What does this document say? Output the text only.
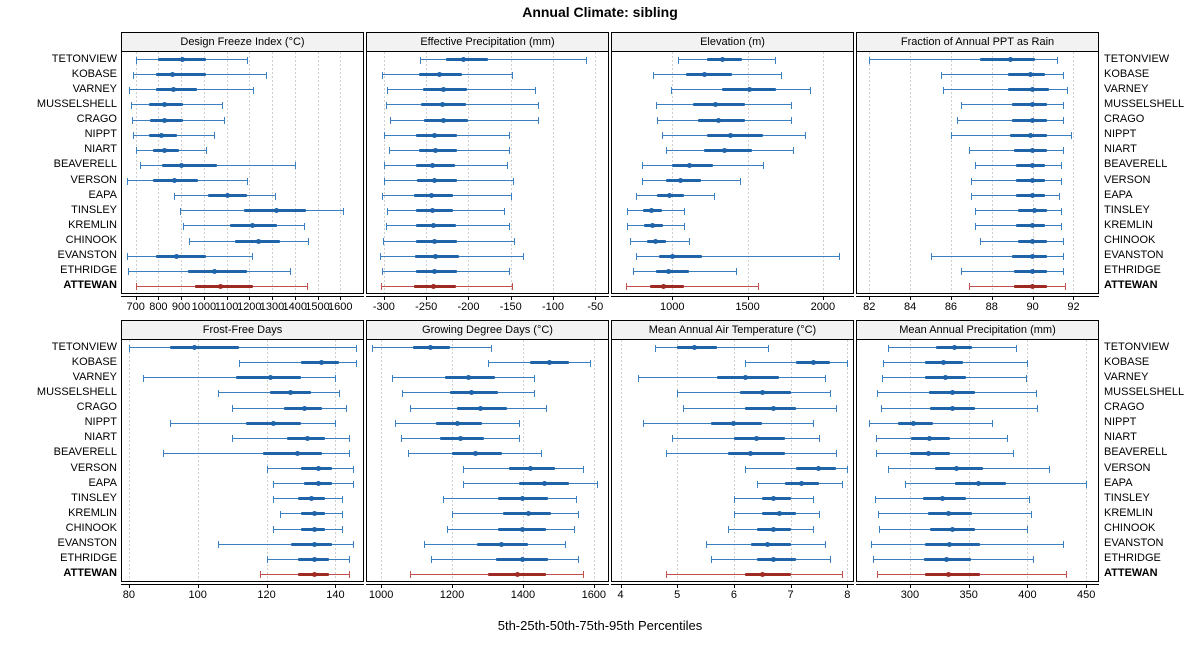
Annual Climate: sibling
5th-25th-50th-75th-95th Percentiles
Design Freeze Index (°C)
700 800 900 1000
1100
1200
1300
1400
1500
1600
Effective Precipitation (mm)
-300 -250 -200 -150 -100 -50
Elevation (m)
1000	1500	2000
Fraction of Annual PPT as Rain
82	84	86	88	90	92
Frost-Free Days
80	100	120	140
Growing Degree Days (°C)
1000	1200	1400	1600
Mean Annual Air Temperature (°C)
4	5	6	7	8
Mean Annual Precipitation (mm)
300	350	400	450
TETONVIEW
KOBASE
VARNEY
MUSSELSHELL
CRAGO
NIPPT
NIART
BEAVERELL
VERSON
EAPA
TINSLEY
KREMLIN
CHINOOK
EVANSTON
ETHRIDGE
ATTEWAN
TETONVIEW
KOBASE
VARNEY
MUSSELSHELL
CRAGO
NIPPT
NIART
BEAVERELL
VERSON
EAPA
TINSLEY
KREMLIN
CHINOOK
EVANSTON
ETHRIDGE
ATTEWAN
TETONVIEW
KOBASE
VARNEY
MUSSELSHELL
CRAGO
NIPPT
NIART
BEAVERELL
VERSON
EAPA
TINSLEY
KREMLIN
CHINOOK
EVANSTON
ETHRIDGE
ATTEWAN
TETONVIEW
KOBASE
VARNEY
MUSSELSHELL
CRAGO
NIPPT
NIART
BEAVERELL
VERSON
EAPA
TINSLEY
KREMLIN
CHINOOK
EVANSTON
ETHRIDGE
ATTEWAN
